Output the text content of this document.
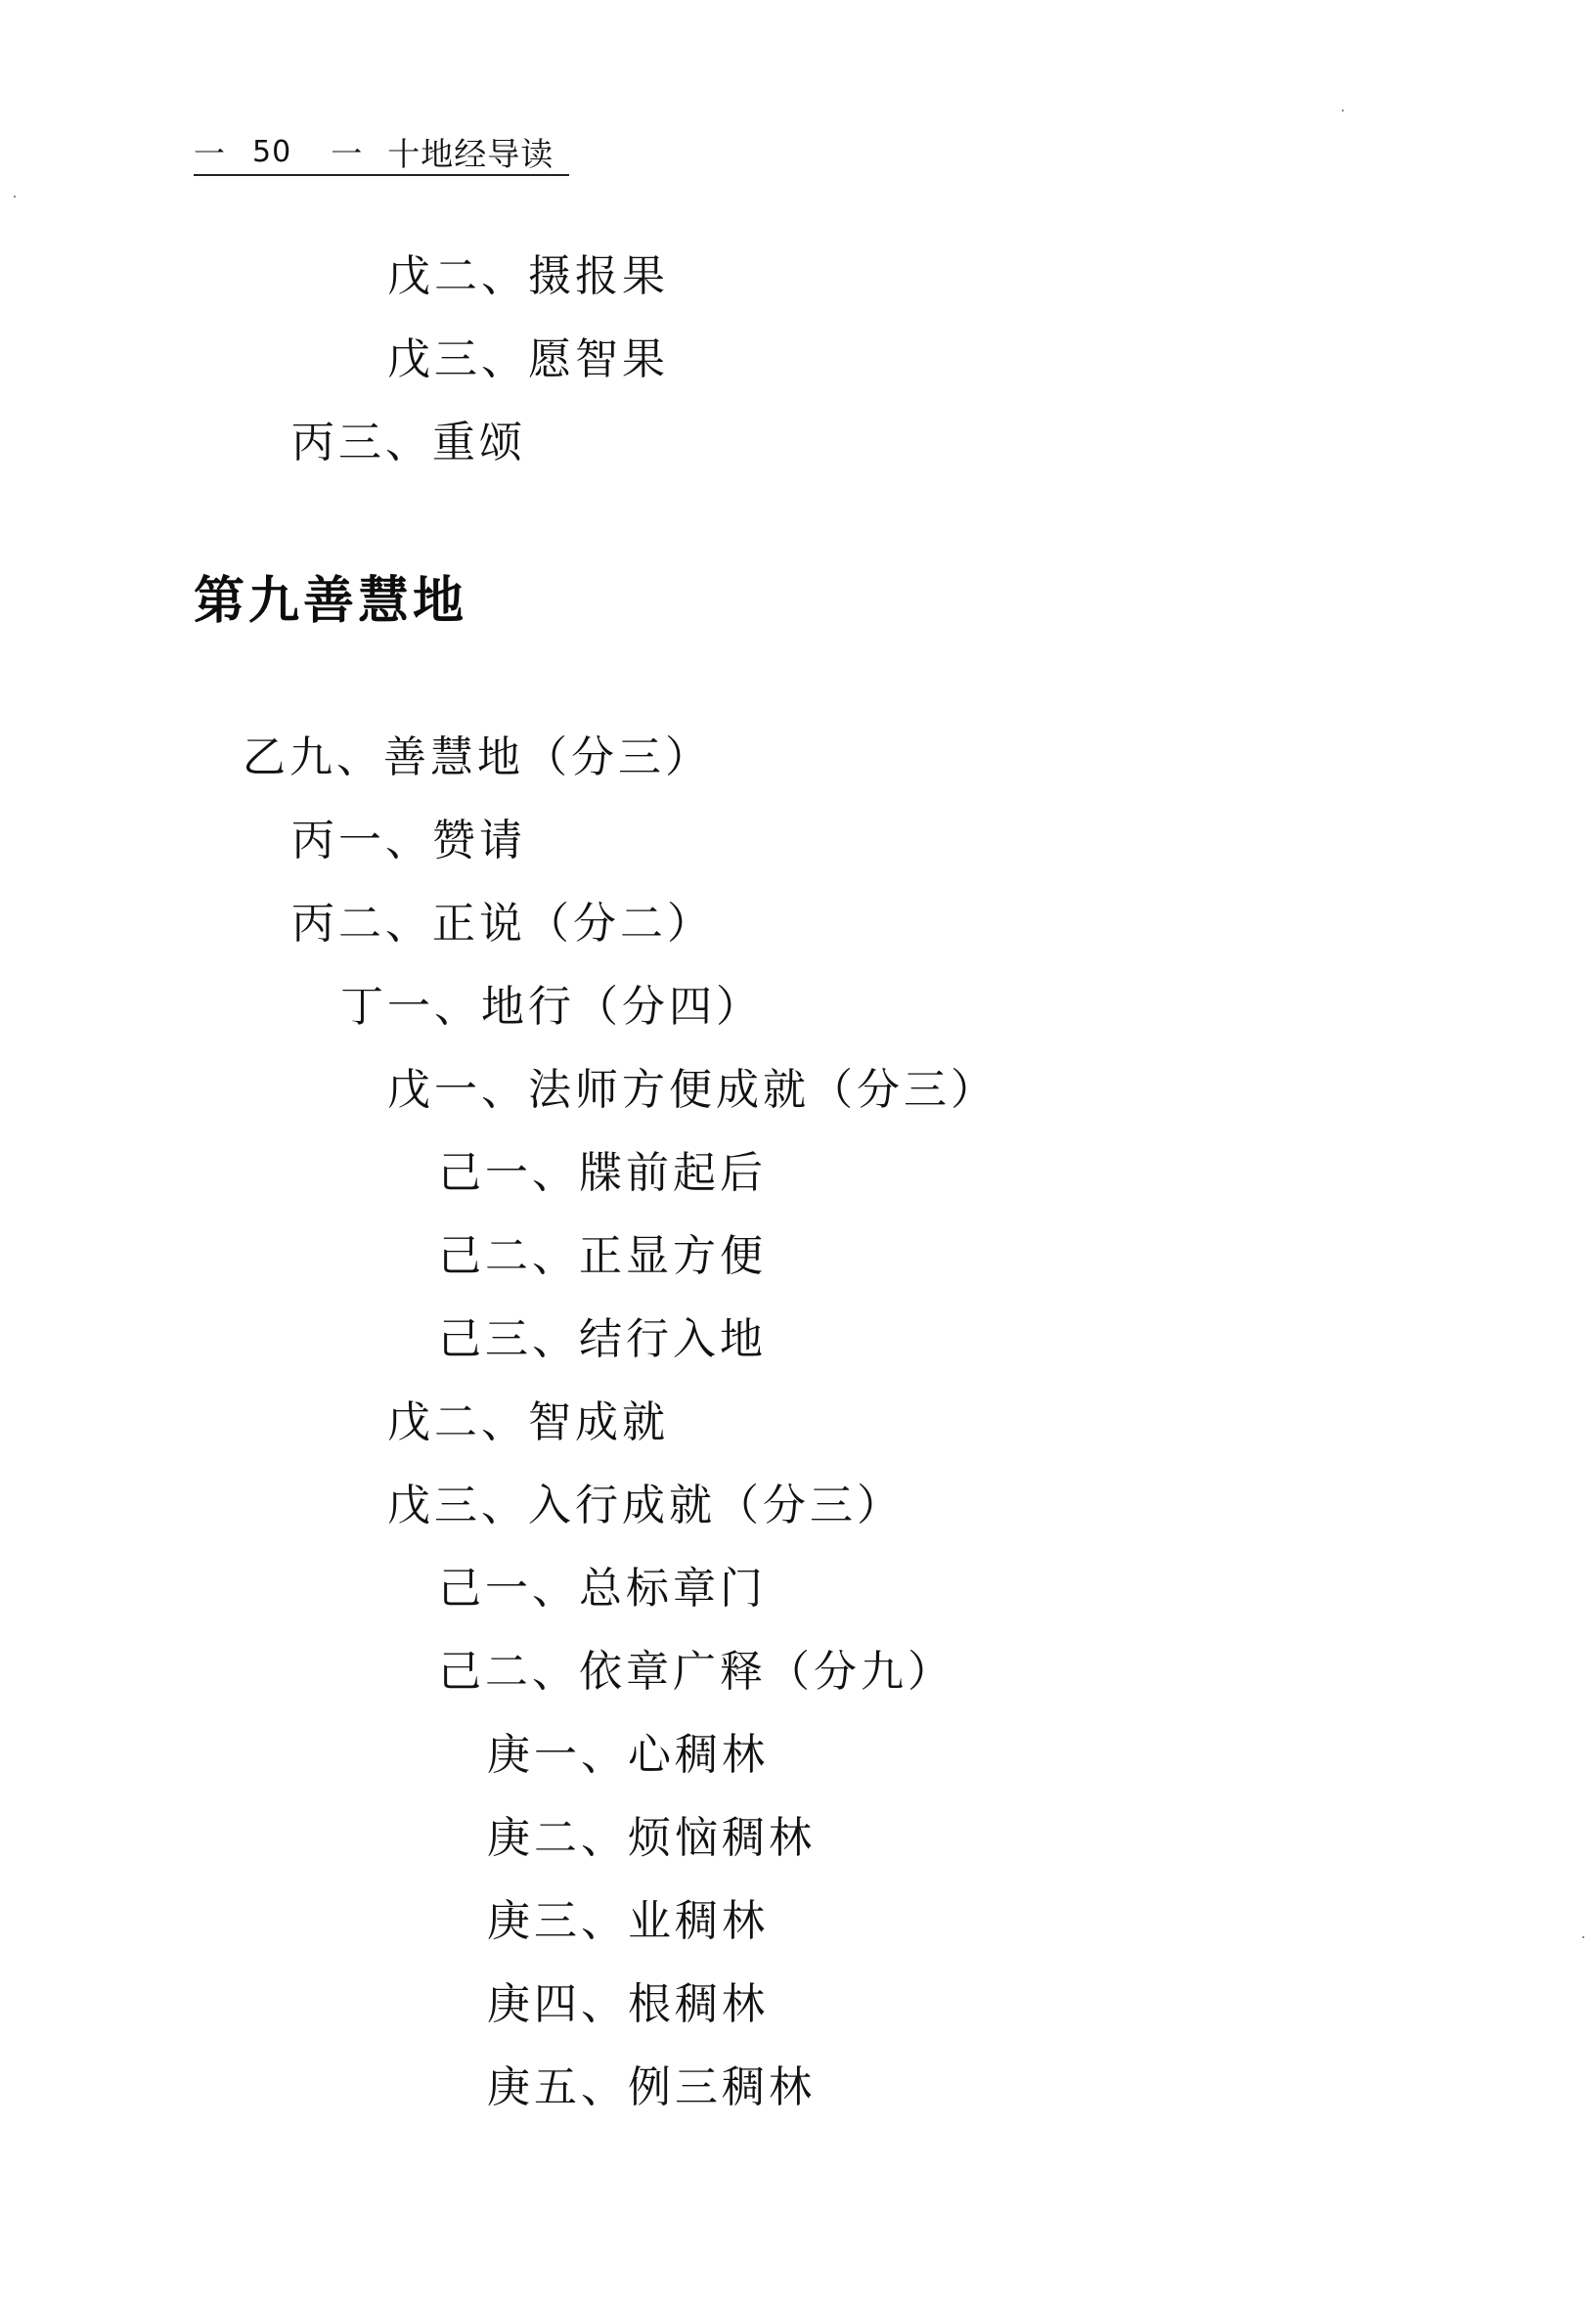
一 50 一 十地经导读
戊二、摄报果
戊三、愿智果
丙三、重颂
第九善慧地
乙九、善慧地（分三）
丙一、赞请
丙二、正说（分二）
丁一、地行（分四）
戊一、法师方便成就（分三）
己一、牒前起后
己二、正显方便
己三、结行入地
戊二、智成就
戊三、入行成就（分三）
己一、总标章门
己二、依章广释（分九）
庚一、心稠林
庚二、烦恼稠林
庚三、业稠林
庚四、根稠林
庚五、例三稠林
